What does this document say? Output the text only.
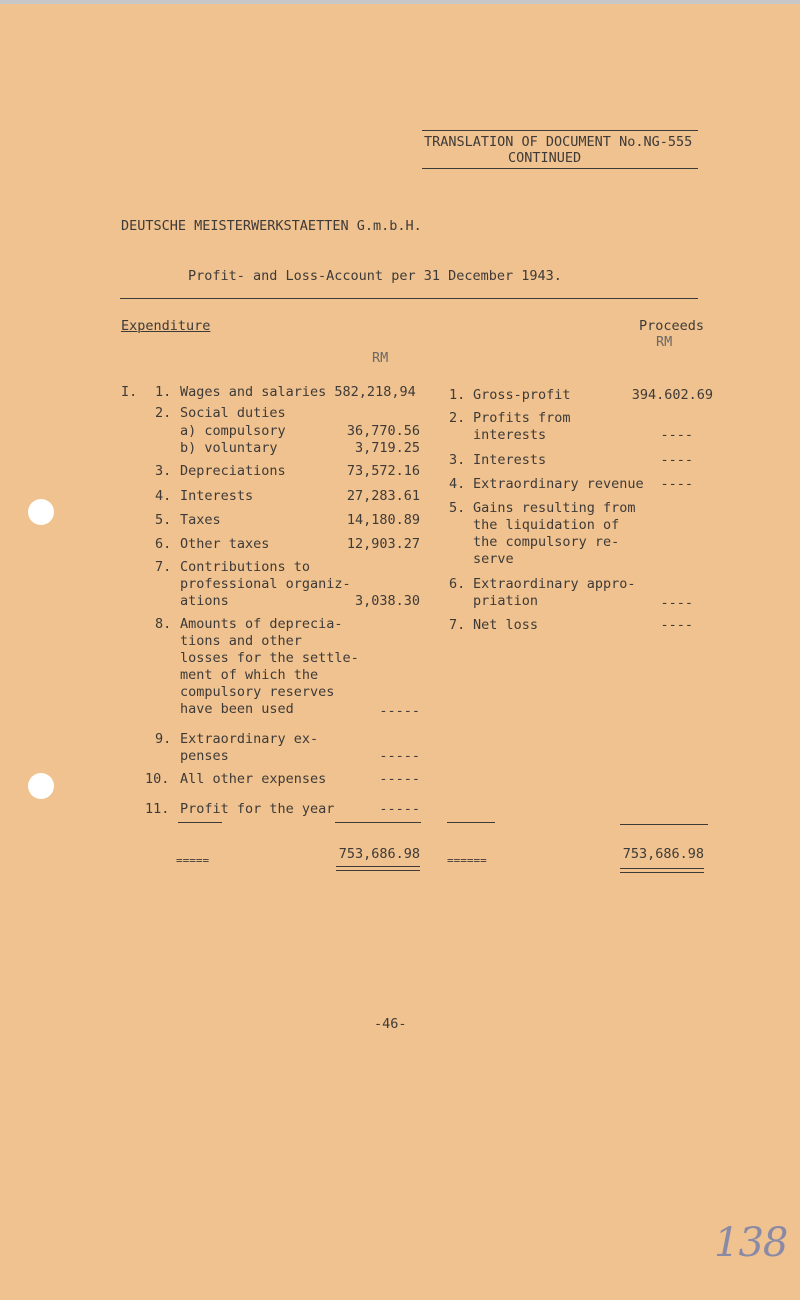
TRANSLATION OF DOCUMENT No.NG-555
CONTINUED
DEUTSCHE MEISTERWERKSTAETTEN G.m.b.H.
Profit- and Loss-Account per 31 December 1943.
Expenditure	Proceeds
RM
RM
I. 1. Wages and salaries 582,218,94
2. Social duties
a) compulsory	36,770.56
b) voluntary	3,719.25
3. Depreciations	73,572.16
4. Interests	27,283.61
5. Taxes	14,180.89
6. Other taxes	12,903.27
7. Contributions to
professional organiz-
ations	3,038.30
8. Amounts of deprecia-
tions and other
losses for the settle-
ment of which the
compulsory reserves
have been used	-----
9. Extraordinary ex-
penses	-----
10. All other expenses	-----
11. Profit for the year	-----
753,686.98
=====
1. Gross-profit	394.602.69
2. Profits from
interests	----
3. Interests	----
4. Extraordinary revenue	----
5. Gains resulting from
the liquidation of
the compulsory re-
serve
6. Extraordinary appro-
priation	----
7. Net loss	----
753,686.98
======
-46-
138
